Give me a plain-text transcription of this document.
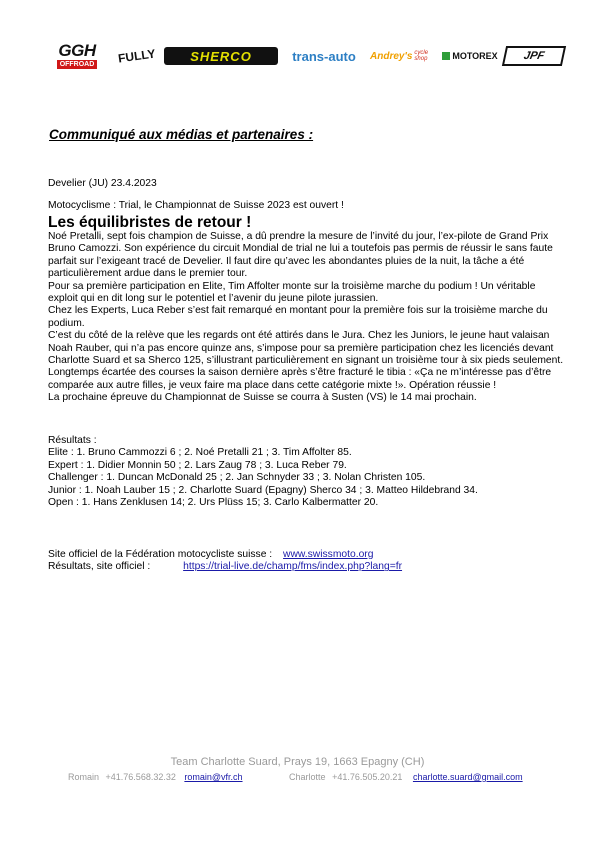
GGH
OFFROAD FULLY	SHERCO	trans-auto Andrey's cycle shop	MOTOREX JPF
Communiqué aux médias et partenaires :
Develier (JU) 23.4.2023
Motocyclisme : Trial, le Championnat de Suisse 2023 est ouvert !
Les équilibristes de retour !

Noé Pretalli, sept fois champion de Suisse, a dû prendre la mesure de l’invité du jour, l’ex-pilote de Grand Prix Bruno Camozzi. Son expérience du circuit Mondial de trial ne lui a toutefois pas permis de réussir le sans faute parfait sur l’exigeant tracé de Develier. Il faut dire qu’avec les abondantes pluies de la nuit, la tâche a été particulièrement ardue dans le premier tour.

Pour sa première participation en Elite, Tim Affolter monte sur la troisième marche du podium ! Un véritable exploit qui en dit long sur le potentiel et l’avenir du jeune pilote jurassien.

Chez les Experts, Luca Reber s’est fait remarqué en montant pour la première fois sur la troisième marche du podium.

C’est du côté de la relève que les regards ont été attirés dans le Jura. Chez les Juniors, le jeune haut valaisan Noah Rauber, qui n’a pas encore quinze ans, s’impose pour sa première participation chez les licenciés devant Charlotte Suard et sa Sherco 125, s’illustrant particulièrement en signant un troisième tour à six pieds seulement. Longtemps écartée des courses la saison dernière après s’être fracturé le tibia : «Ça ne m’intéresse pas d’être comparée aux autre filles, je veux faire ma place dans cette catégorie mixte !». Opération réussie !

La prochaine épreuve du Championnat de Suisse se courra à Susten (VS) le 14 mai prochain.

Résultats :
Elite : 1. Bruno Cammozzi 6 ; 2. Noé Pretalli 21 ; 3. Tim Affolter 85.
Expert : 1. Didier Monnin 50 ; 2. Lars Zaug 78 ; 3. Luca Reber 79.
Challenger : 1. Duncan McDonald 25 ; 2. Jan Schnyder 33 ; 3. Nolan Christen 105.
Junior : 1. Noah Lauber 15 ; 2. Charlotte Suard (Epagny) Sherco 34 ; 3. Matteo Hildebrand 34.
Open : 1. Hans Zenklusen 14; 2. Urs Plüss 15; 3. Carlo Kalbermatter 20.
Site officiel de la Fédération motocycliste suisse : www.swissmoto.org
Résultats, site officiel :	https://trial-live.de/champ/fms/index.php?lang=fr
Team Charlotte Suard, Prays 19, 1663 Epagny (CH)
Romain +41.76.568.32.32 romain@vfr.ch	Charlotte +41.76.505.20.21 charlotte.suard@gmail.com
